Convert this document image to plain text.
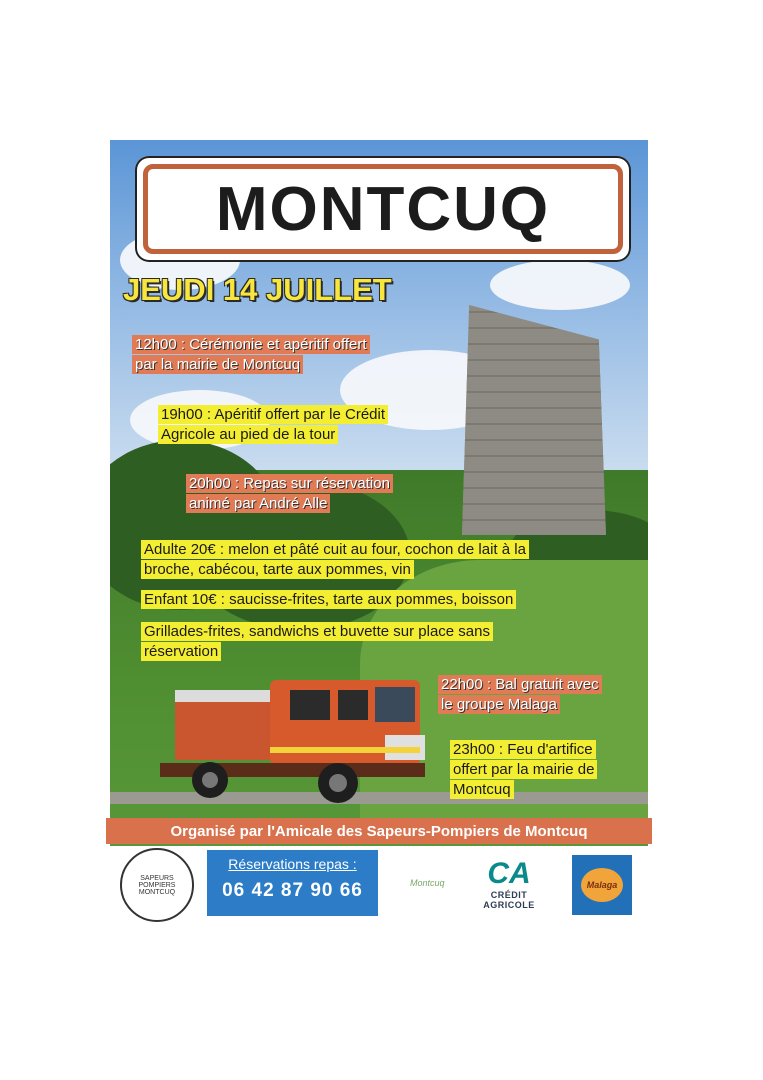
MONTCUQ
JEUDI 14 JUILLET
12h00 : Cérémonie et apéritif offert
par la mairie de Montcuq
19h00 : Apéritif offert par le Crédit
Agricole au pied de la tour
20h00 : Repas sur réservation
animé par André Alle
Adulte 20€ : melon et pâté cuit au four, cochon de lait à la
broche, cabécou, tarte aux pommes, vin
Enfant 10€ : saucisse-frites, tarte aux pommes, boisson
Grillades-frites, sandwichs et buvette sur place sans
réservation
22h00 : Bal gratuit avec
le groupe Malaga
23h00 : Feu d'artifice
offert par la mairie de
Montcuq
Organisé par l'Amicale des Sapeurs-Pompiers de Montcuq
SAPEURS POMPIERS MONTCUQ
Réservations repas :
06 42 87 90 66	Montcuq	CA
CRÉDIT AGRICOLE
Malaga
